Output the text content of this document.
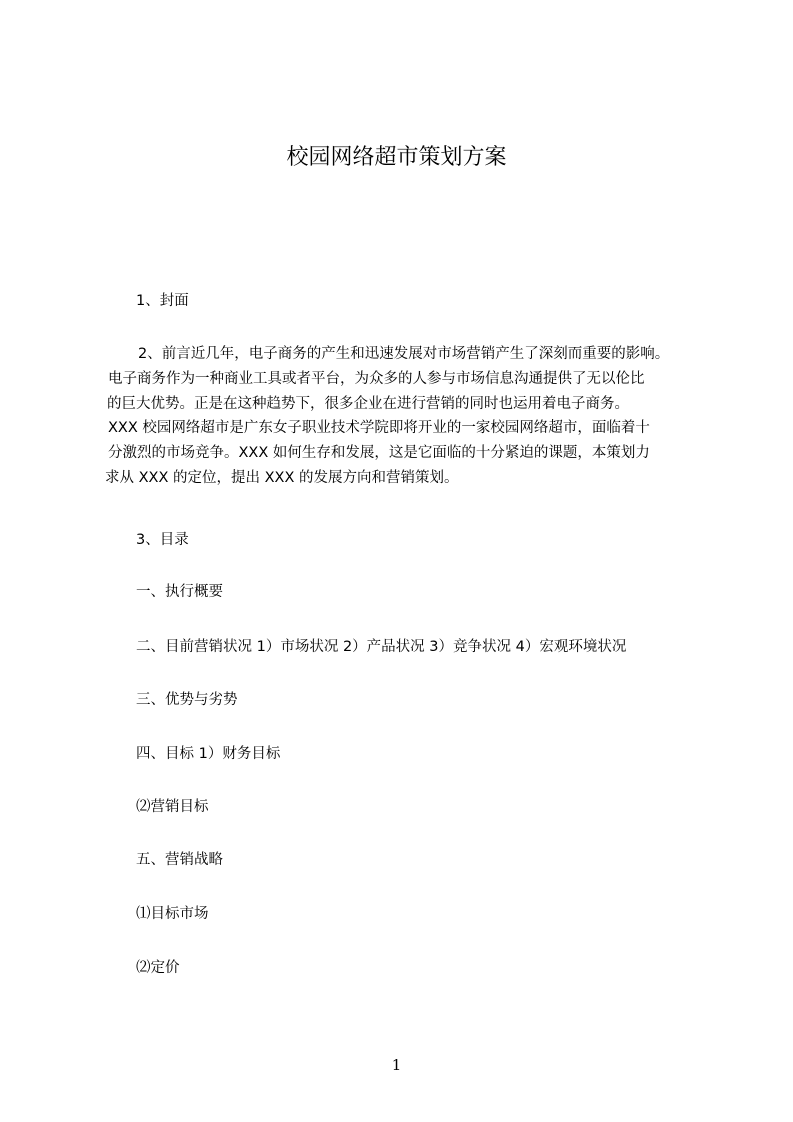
校园网络超市策划方案

1、封面

2、前言近几年，电子商务的产生和迅速发展对市场营销产生了深刻而重要的影响。
电子商务作为一种商业工具或者平台，为众多的人参与市场信息沟通提供了无以伦比
的巨大优势。正是在这种趋势下，很多企业在进行营销的同时也运用着电子商务。
XXX 校园网络超市是广东女子职业技术学院即将开业的一家校园网络超市，面临着十
分激烈的市场竞争。XXX 如何生存和发展，这是它面临的十分紧迫的课题，本策划力
求从 XXX 的定位，提出 XXX 的发展方向和营销策划。

3、目录

一、执行概要

二、目前营销状况 1）市场状况 2）产品状况 3）竞争状况 4）宏观环境状况

三、优势与劣势

四、目标 1）财务目标

⑵营销目标

五、营销战略

⑴目标市场

⑵定价

1
